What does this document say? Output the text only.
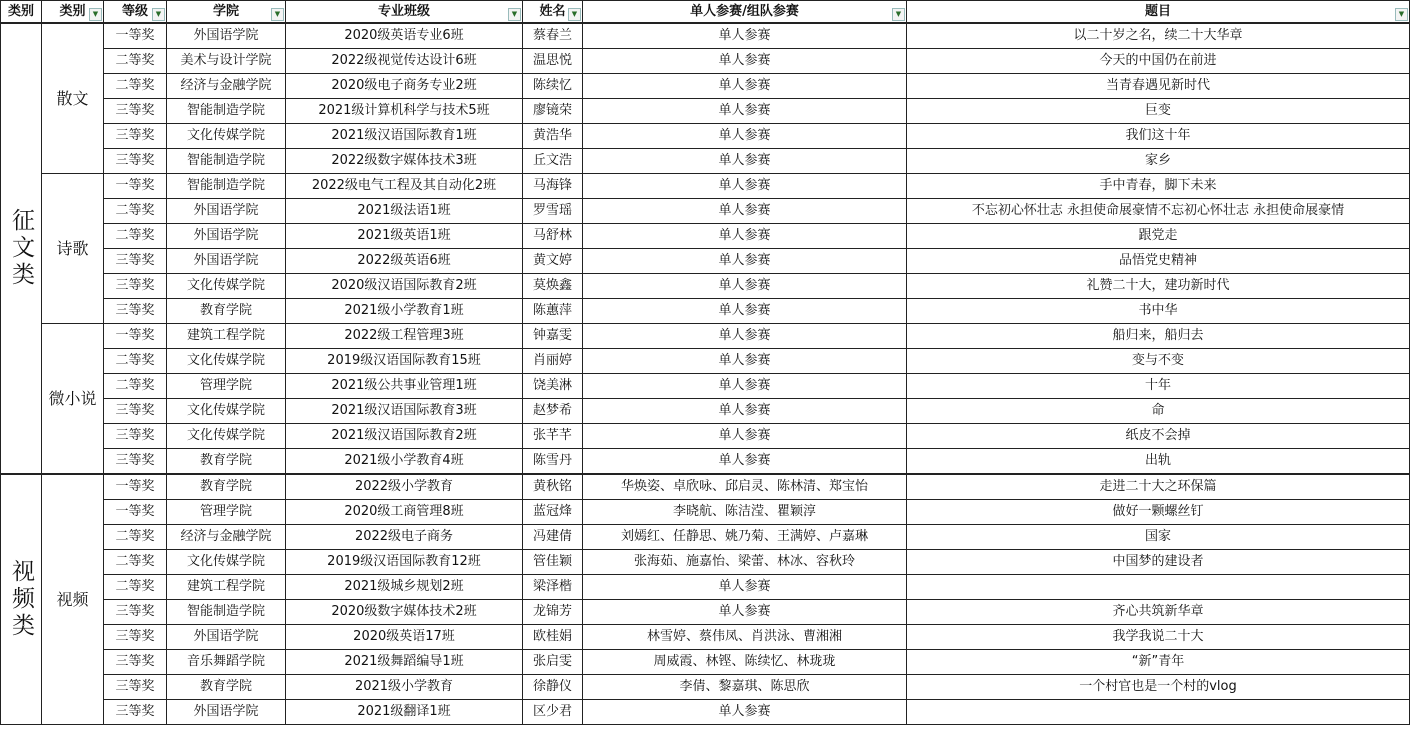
类别	类别 ▼	等级 ▼	学院 ▼	专业班级 ▼	姓名 ▼	单人参赛/组队参赛 ▼	题目 ▼

征文类	散文	一等奖	外国语学院	2020级英语专业6班	蔡春兰	单人参赛	以二十岁之名，续二十大华章
		二等奖	美术与设计学院	2022级视觉传达设计6班	温思悦	单人参赛	今天的中国仍在前进
		二等奖	经济与金融学院	2020级电子商务专业2班	陈续忆	单人参赛	当青春遇见新时代
		三等奖	智能制造学院	2021级计算机科学与技术5班	廖镜荣	单人参赛	巨变
		三等奖	文化传媒学院	2021级汉语国际教育1班	黄浩华	单人参赛	我们这十年
		三等奖	智能制造学院	2022级数字媒体技术3班	丘文浩	单人参赛	家乡
	诗歌	一等奖	智能制造学院	2022级电气工程及其自动化2班	马海锋	单人参赛	手中青春，脚下未来
		二等奖	外国语学院	2021级法语1班	罗雪瑶	单人参赛	不忘初心怀壮志 永担使命展豪情不忘初心怀壮志 永担使命展豪情
		二等奖	外国语学院	2021级英语1班	马舒林	单人参赛	跟党走
		三等奖	外国语学院	2022级英语6班	黄文婷	单人参赛	品悟党史精神
		三等奖	文化传媒学院	2020级汉语国际教育2班	莫焕鑫	单人参赛	礼赞二十大，建功新时代
		三等奖	教育学院	2021级小学教育1班	陈蕙萍	单人参赛	书中华
	微小说	一等奖	建筑工程学院	2022级工程管理3班	钟嘉雯	单人参赛	船归来，船归去
		二等奖	文化传媒学院	2019级汉语国际教育15班	肖丽婷	单人参赛	变与不变
		二等奖	管理学院	2021级公共事业管理1班	饶美淋	单人参赛	十年
		三等奖	文化传媒学院	2021级汉语国际教育3班	赵梦希	单人参赛	命
		三等奖	文化传媒学院	2021级汉语国际教育2班	张芊芊	单人参赛	纸皮不会掉
		三等奖	教育学院	2021级小学教育4班	陈雪丹	单人参赛	出轨
视频类	视频	一等奖	教育学院	2022级小学教育	黄秋铭	华焕姿、卓欣咏、邱启灵、陈林清、郑宝怡	走进二十大之环保篇
		一等奖	管理学院	2020级工商管理8班	蓝冠烽	李晓航、陈洁滢、瞿颖淳	做好一颗螺丝钉
		二等奖	经济与金融学院	2022级电子商务	冯建倩	刘嫣红、任静思、姚乃菊、王满婷、卢嘉琳	国家
		二等奖	文化传媒学院	2019级汉语国际教育12班	管佳颖	张海茹、施嘉怡、梁蕾、林冰、容秋玲	中国梦的建设者
		二等奖	建筑工程学院	2021级城乡规划2班	梁泽楷	单人参赛	
		三等奖	智能制造学院	2020级数字媒体技术2班	龙锦芳	单人参赛	齐心共筑新华章
		三等奖	外国语学院	2020级英语17班	欧桂娟	林雪婷、蔡伟凤、肖洪泳、曹湘湘	我学我说二十大
		三等奖	音乐舞蹈学院	2021级舞蹈编导1班	张启雯	周威霞、林铿、陈续忆、林珑珑	“新”青年
		三等奖	教育学院	2021级小学教育	徐静仪	李倩、黎嘉琪、陈思欣	一个村官也是一个村的vlog
		三等奖	外国语学院	2021级翻译1班	区少君	单人参赛	
